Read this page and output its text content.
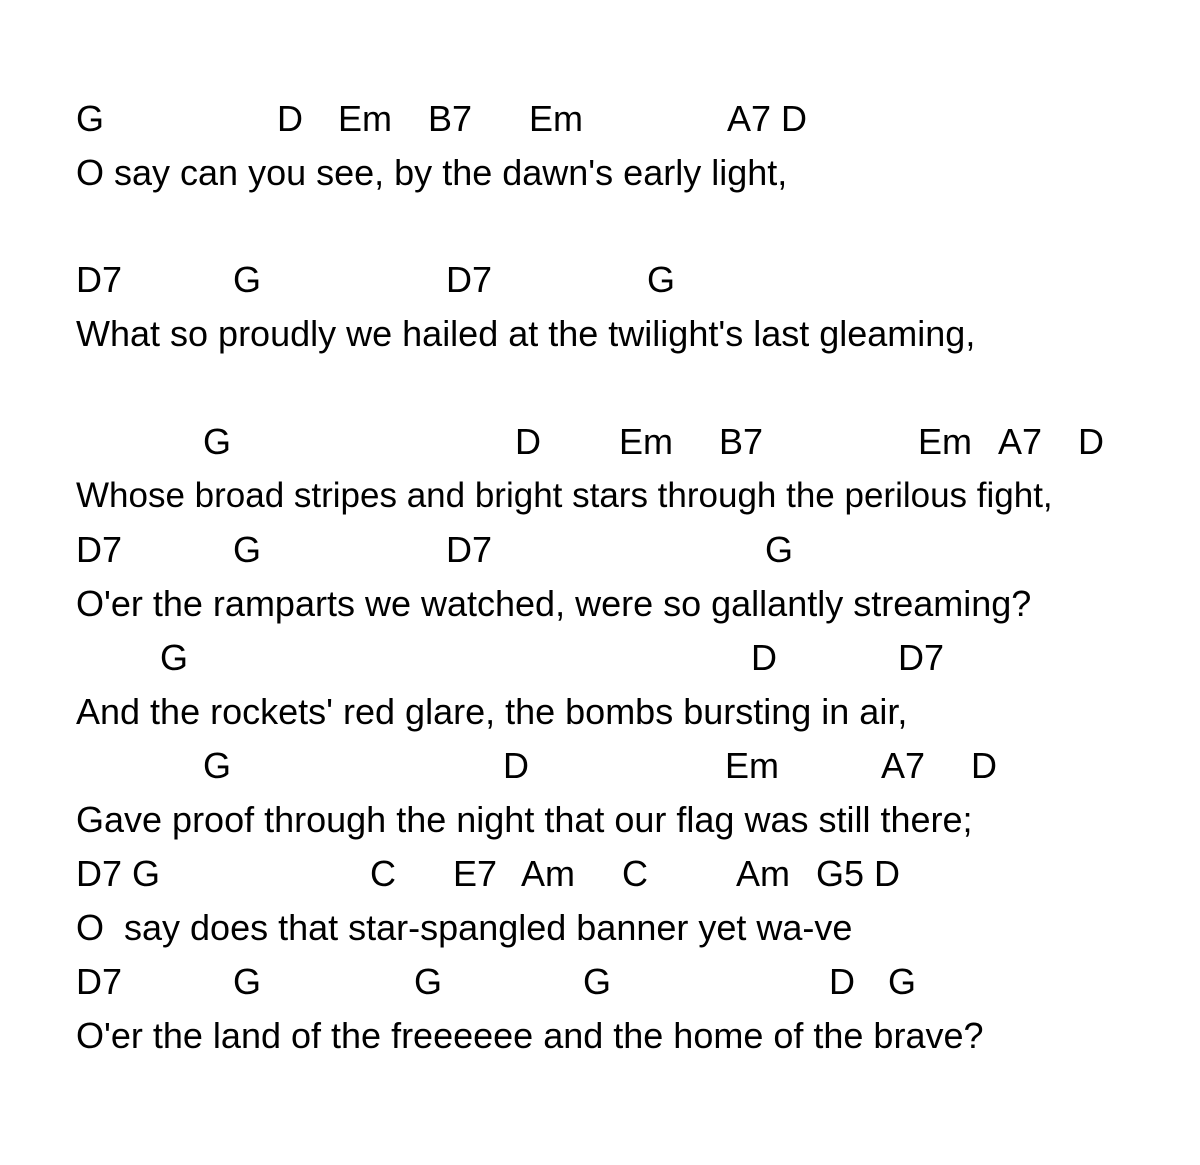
G	D Em B7 Em	A7 D
O say can you see, by the dawn's early light,
D7	G	D7	G
What so proudly we hailed at the twilight's last gleaming,
G	D Em B7	Em A7 D
Whose broad stripes and bright stars through the perilous fight,
D7	G	D7	G
O'er the ramparts we watched, were so gallantly streaming?
G	D	D7
And the rockets' red glare, the bombs bursting in air,
G	D	Em	A7 D
Gave proof through the night that our flag was still there;
D7 G	C E7 Am C Am G5 D
O  say does that star-spangled banner yet wa-ve
D7	G	G	G	D G
O'er the land of the freeeeee and the home of the brave?
